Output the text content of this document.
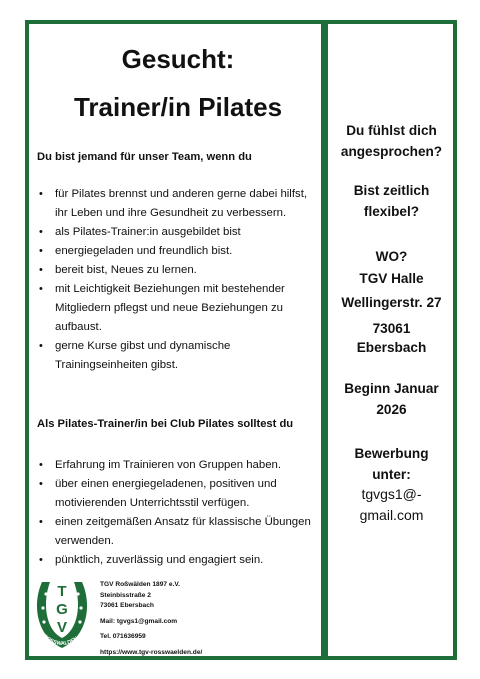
Gesucht:
Trainer/in Pilates
Du bist jemand für unser Team, wenn du
• für Pilates brennst und anderen gerne dabei hilfst, ihr Leben und ihre Gesundheit zu verbessern.
• als Pilates-Trainer:in ausgebildet bist
• energiegeladen und freundlich bist.
• bereit bist, Neues zu lernen.
• mit Leichtigkeit Beziehungen mit bestehender Mitgliedern pflegst und neue Beziehungen zu aufbaust.
• gerne Kurse gibst und dynamische Trainingseinheiten gibst.
Als Pilates-Trainer/in bei Club Pilates solltest du
• Erfahrung im Trainieren von Gruppen haben.
• über einen energiegeladenen, positiven und motivierenden Unterrichtsstil verfügen.
• einen zeitgemäßen Ansatz für klassische Übungen verwenden.
• pünktlich, zuverlässig und engagiert sein.
Du fühlst dich angesprochen?
Bist zeitlich flexibel?
WO?
TGV Halle
Wellingerstr. 27
73061
Ebersbach
Beginn Januar 2026
Bewerbung unter:
tgvgs1@-gmail.com
T
G
V
ROSSWALDEN
TGV Roßwälden 1897 e.V.
Steinbisstraße 2
73061 Ebersbach
Mail: tgvgs1@gmail.com
Tel. 071636959
https://www.tgv-rosswaelden.de/
